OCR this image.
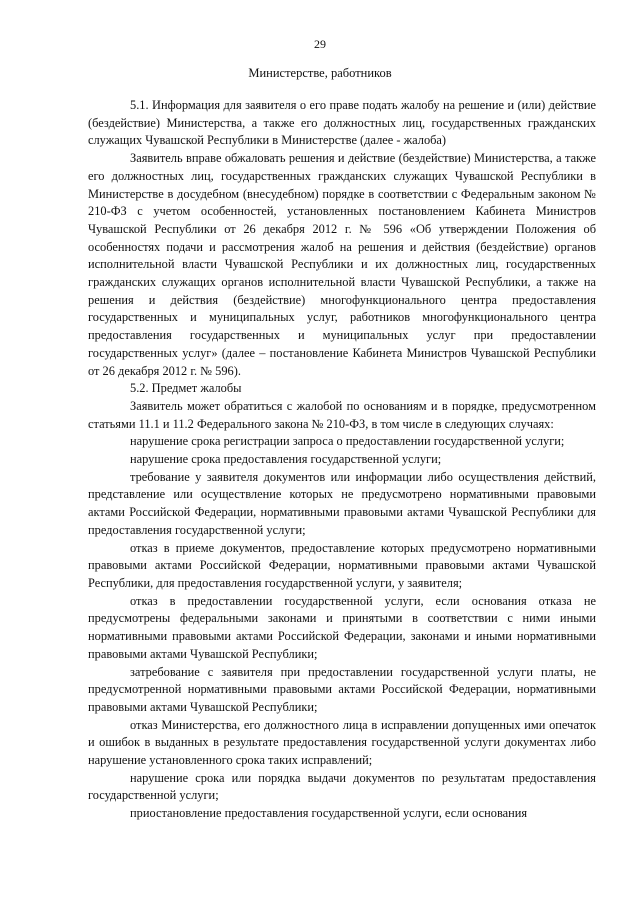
29
Министерстве, работников

5.1. Информация для заявителя о его праве подать жалобу на решение и (или) действие (бездействие) Министерства, а также его должностных лиц, государственных гражданских служащих Чувашской Республики в Министерстве (далее - жалоба)

Заявитель вправе обжаловать решения и действие (бездействие) Министерства, а также его должностных лиц, государственных гражданских служащих Чувашской Республики в Министерстве в досудебном (внесудебном) порядке в соответствии с Федеральным законом № 210-ФЗ с учетом особенностей, установленных постановлением Кабинета Министров Чувашской Республики от 26 декабря 2012 г. № 596 «Об утверждении Положения об особенностях подачи и рассмотрения жалоб на решения и действия (бездействие) органов исполнительной власти Чувашской Республики и их должностных лиц, государственных гражданских служащих органов исполнительной власти Чувашской Республики, а также на решения и действия (бездействие) многофункционального центра предоставления государственных и муниципальных услуг, работников многофункционального центра предоставления государственных и муниципальных услуг при предоставлении государственных услуг» (далее – постановление Кабинета Министров Чувашской Республики от 26 декабря 2012 г. № 596).

5.2. Предмет жалобы

Заявитель может обратиться с жалобой по основаниям и в порядке, предусмотренном статьями 11.1 и 11.2 Федерального закона № 210-ФЗ, в том числе в следующих случаях:

нарушение срока регистрации запроса о предоставлении государственной услуги;

нарушение срока предоставления государственной услуги;

требование у заявителя документов или информации либо осуществления действий, представление или осуществление которых не предусмотрено нормативными правовыми актами Российской Федерации, нормативными правовыми актами Чувашской Республики для предоставления государственной услуги;

отказ в приеме документов, предоставление которых предусмотрено нормативными правовыми актами Российской Федерации, нормативными правовыми актами Чувашской Республики, для предоставления государственной услуги, у заявителя;

отказ в предоставлении государственной услуги, если основания отказа не предусмотрены федеральными законами и принятыми в соответствии с ними иными нормативными правовыми актами Российской Федерации, законами и иными нормативными правовыми актами Чувашской Республики;

затребование с заявителя при предоставлении государственной услуги платы, не предусмотренной нормативными правовыми актами Российской Федерации, нормативными правовыми актами Чувашской Республики;

отказ Министерства, его должностного лица в исправлении допущенных ими опечаток и ошибок в выданных в результате предоставления государственной услуги документах либо нарушение установленного срока таких исправлений;

нарушение срока или порядка выдачи документов по результатам предоставления государственной услуги;

приостановление предоставления государственной услуги, если основания
